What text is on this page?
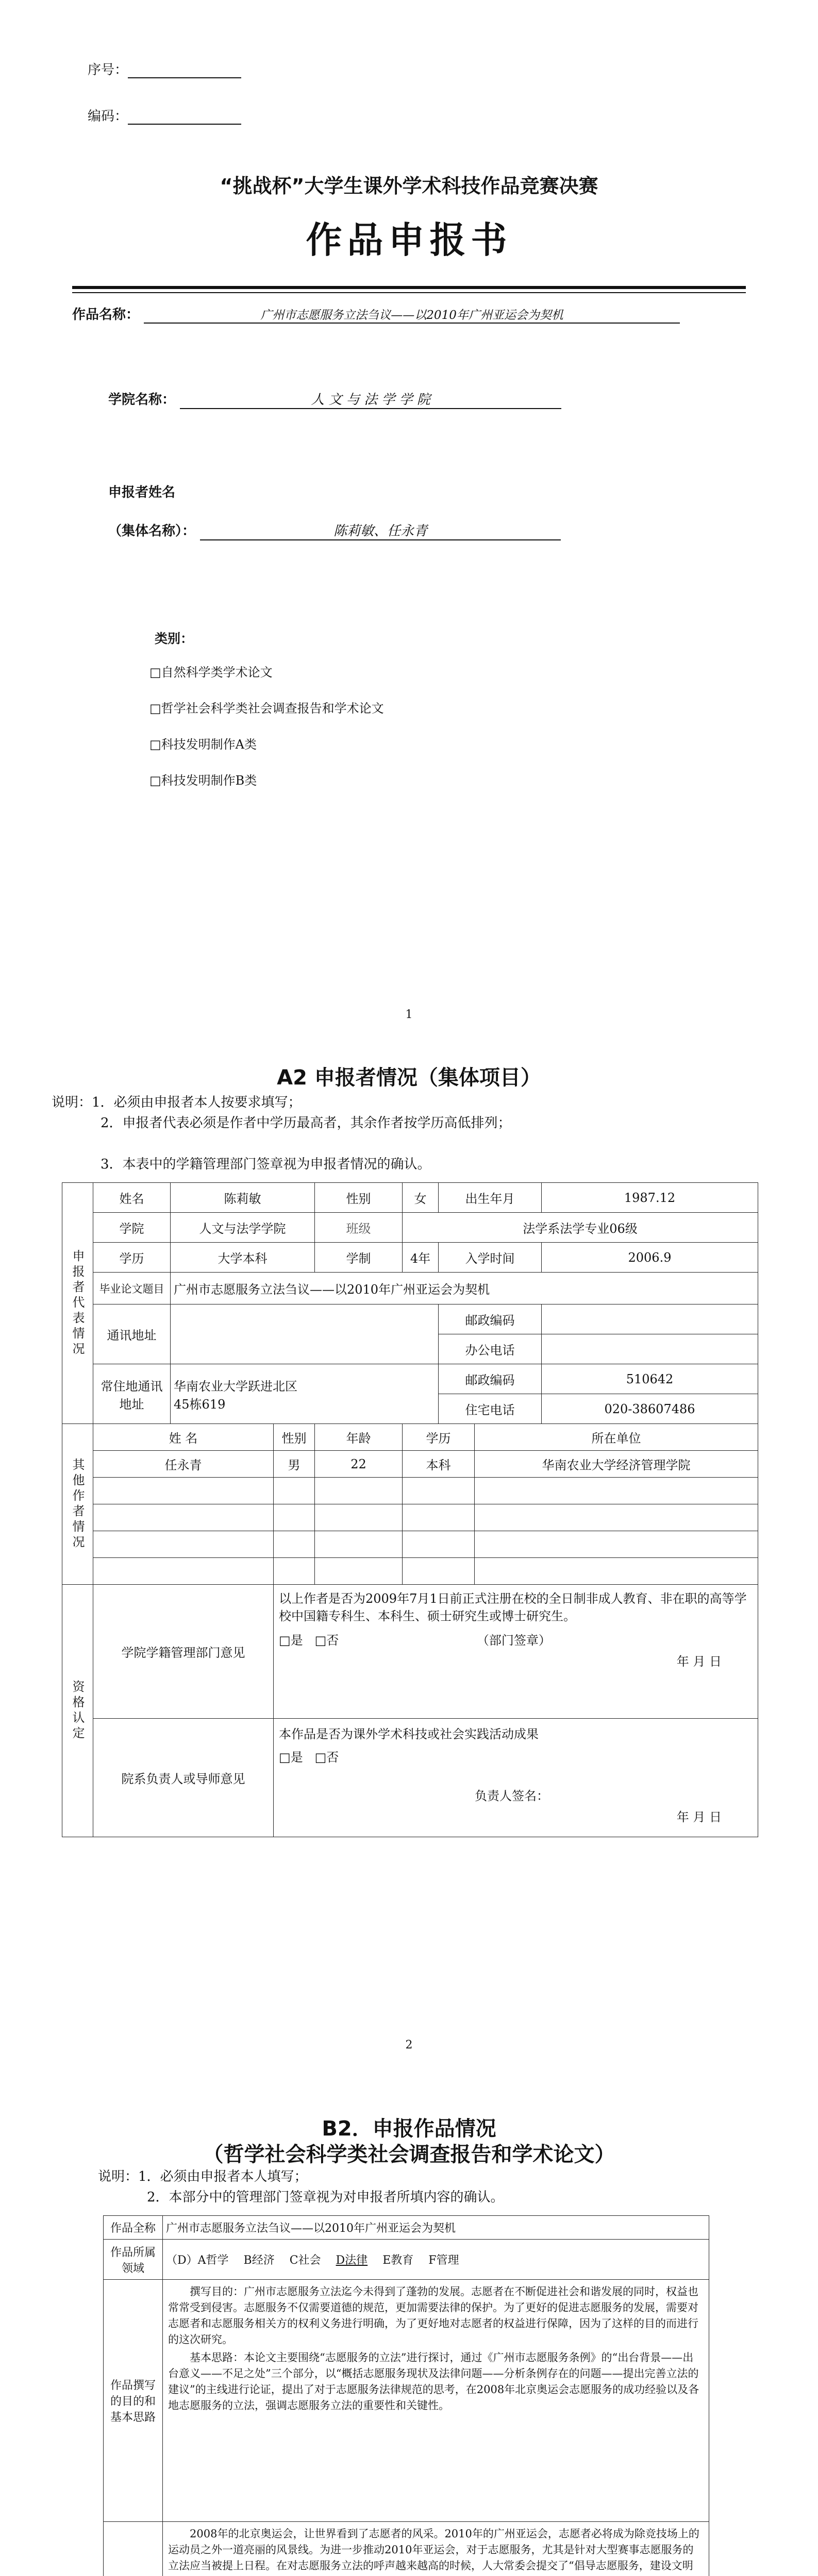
序号：
编码：
“挑战杯”大学生课外学术科技作品竞赛决赛
作品申报书
作品名称：	广州市志愿服务立法刍议——以2010年广州亚运会为契机
学院名称：	人 文 与 法 学 学 院
申报者姓名
（集体名称）：	陈莉敏、任永青
类别：
□自然科学类学术论文
□哲学社会科学类社会调查报告和学术论文
□科技发明制作A类
□科技发明制作B类
1
A2 申报者情况（集体项目）
说明：1．必须由申报者本人按要求填写；
2．申报者代表必须是作者中学历最高者，其余作者按学历高低排列；
3．本表中的学籍管理部门签章视为申报者情况的确认。
申报者代表情况	姓名	陈莉敏		性别	女	出生年月		1987.12
	学院	人文与法学学院		班级	法学系法学专业06级			
	学历	大学本科		学制	4年	入学时间		2006.9
	毕业论文题目	广州市志愿服务立法刍议——以2010年广州亚运会为契机						
	通讯地址					邮政编码		
						办公电话		
	常住地通讯地址	华南农业大学跃进北区
45栋619				邮政编码		510642
						住宅电话		020-38607486
其他作者情况	姓 名		性别	年龄	学历		所在单位	
	任永青		男	22	本科		华南农业大学经济管理学院	

资格认定	学院学籍管理部门意见		以上作者是否为2009年7月1日前正式注册在校的全日制非成人教育、非在职的高等学校中国籍专科生、本科生、硕士研究生或博士研究生。
□是 □否 （部门签章）
年 月 日					

	院系负责人或导师意见		本作品是否为课外学术科技或社会实践活动成果
□是 □否
负责人签名：
年 月 日					
2
B2．申报作品情况
（哲学社会科学类社会调查报告和学术论文）
说明：1．必须由申报者本人填写；
2．本部分中的管理部门签章视为对申报者所填内容的确认。
作品全称	广州市志愿服务立法刍议——以2010年广州亚运会为契机
作品所属领域	（D）A哲学 B经济 C社会 D法律 E教育 F管理
作品撰写的目的和基本思路	撰写目的：广州市志愿服务立法迄今未得到了蓬勃的发展。志愿者在不断促进社会和谐发展的同时，权益也常常受到侵害。志愿服务不仅需要道德的规范，更加需要法律的保护。为了更好的促进志愿服务的发展，需要对志愿者和志愿服务相关方的权利义务进行明确，为了更好地对志愿者的权益进行保障，因为了这样的目的而进行的这次研究。

基本思路：本论文主要围绕“志愿服务的立法”进行探讨，通过《广州市志愿服务条例》的“出台背景——出台意义——不足之处”三个部分，以“概括志愿服务现状及法律问题——分析条例存在的问题——提出完善立法的建议”的主线进行论证，提出了对于志愿服务法律规范的思考，在2008年北京奥运会志愿服务的成功经验以及各地志愿服务的立法，强调志愿服务立法的重要性和关键性。

2008年的北京奥运会，让世界看到了志愿者的风采。2010年的广州亚运会，志愿者必将成为除竞技场上的运动员之外一道亮丽的风景线。为进一步推动2010年亚运会，对于志愿服务，尤其是针对大型赛事志愿服务的立法应当被提上日程。在对志愿服务立法的呼声越来越高的时候，人大常委会提交了“倡导志愿服务，建设文明
